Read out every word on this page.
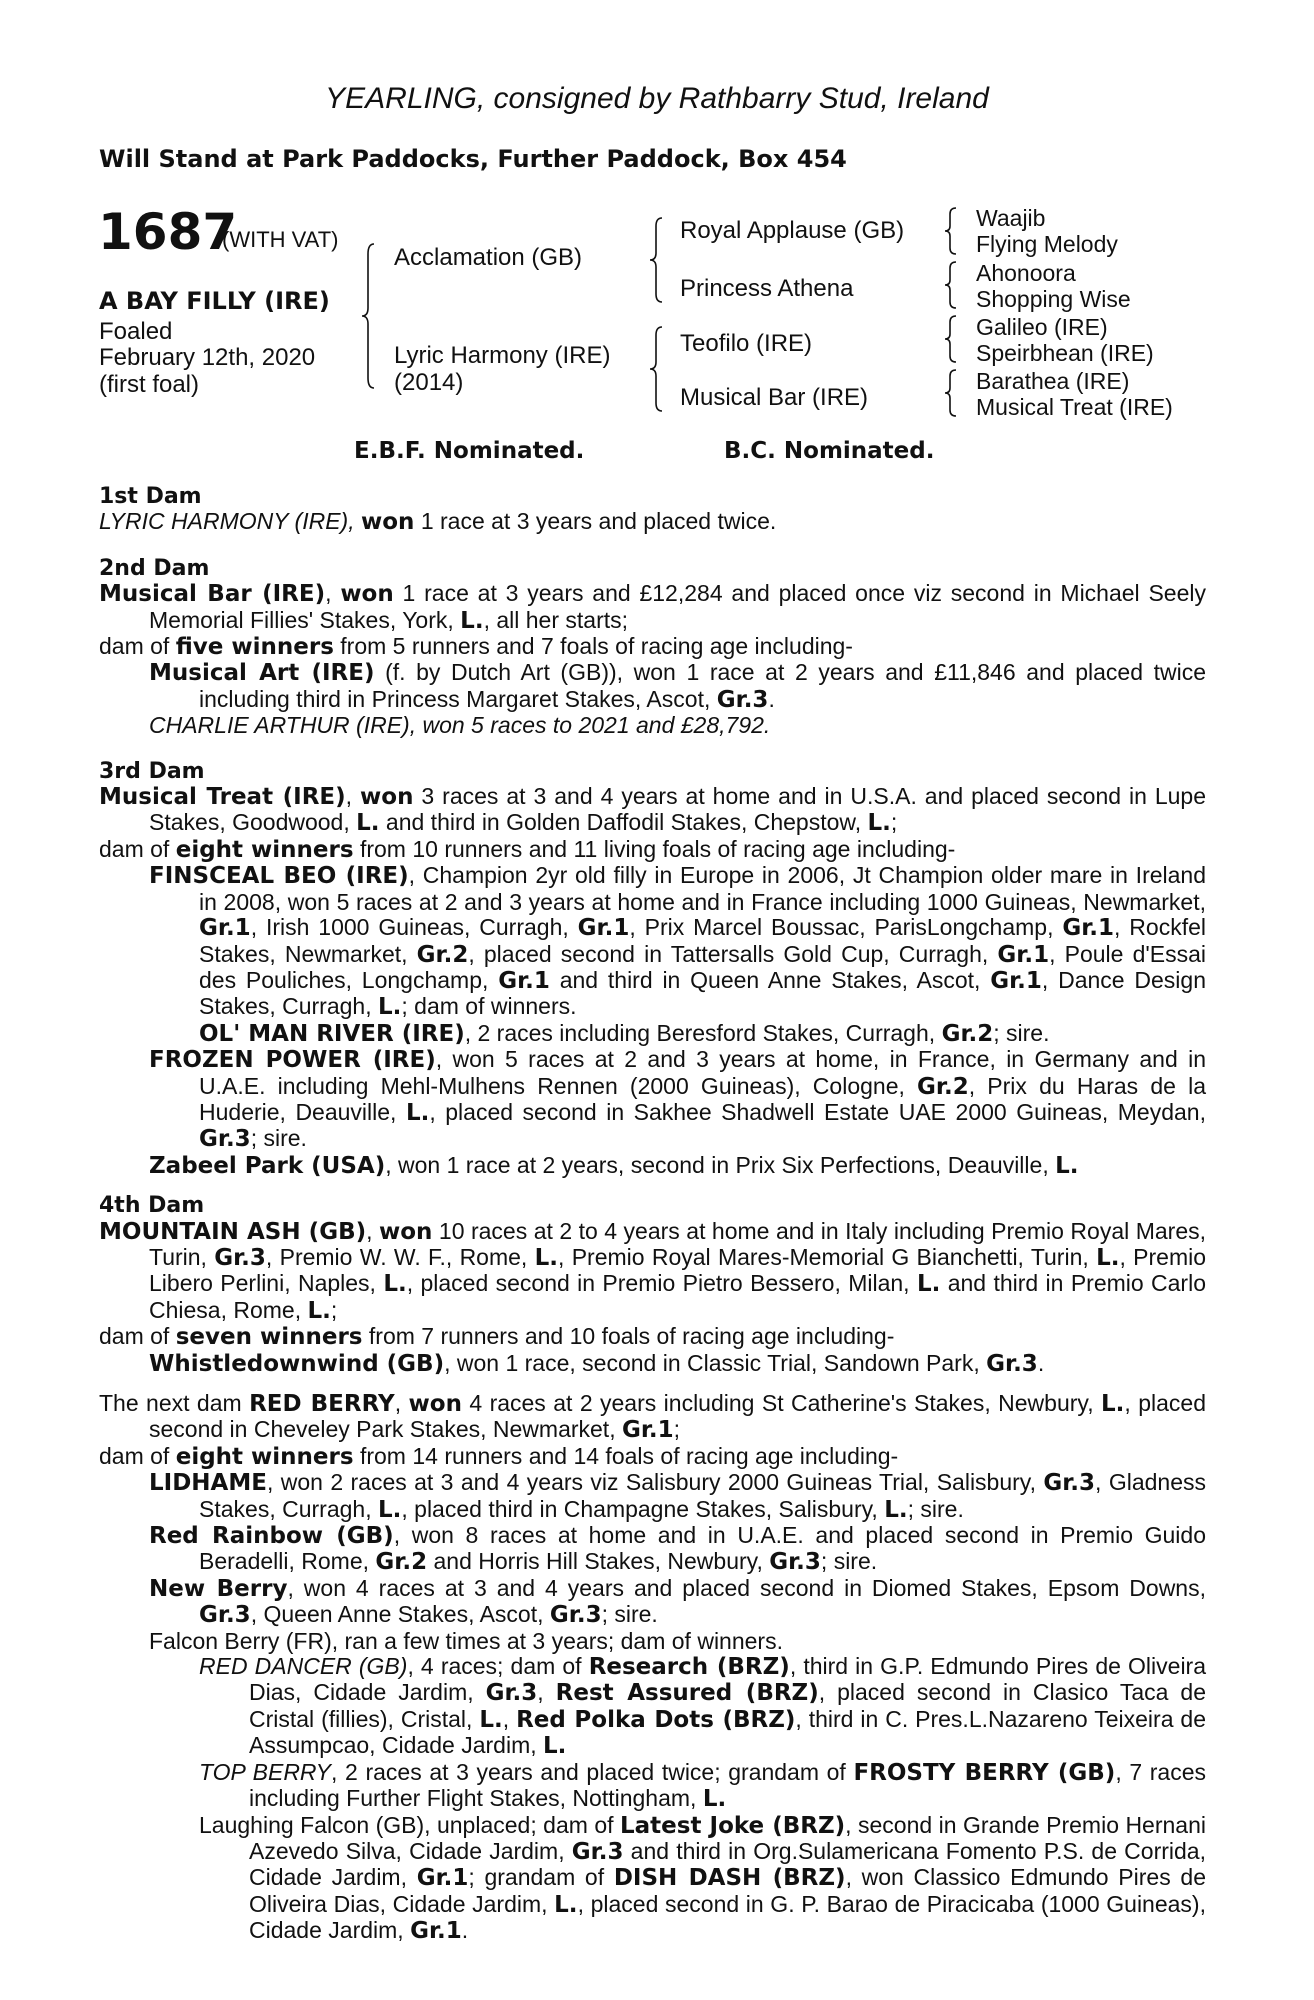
YEARLING, consigned by Rathbarry Stud, Ireland
Will Stand at Park Paddocks, Further Paddock, Box 454
1687
(WITH VAT)
A BAY FILLY (IRE)
Foaled
February 12th, 2020
(first foal)
Acclamation (GB)
Lyric Harmony (IRE)
(2014)
Royal Applause (GB)
Princess Athena
Teofilo (IRE)
Musical Bar (IRE)
Waajib
Flying Melody
Ahonoora
Shopping Wise
Galileo (IRE)
Speirbhean (IRE)
Barathea (IRE)
Musical Treat (IRE)
E.B.F. Nominated.	B.C. Nominated.
1st Dam
LYRIC HARMONY (IRE), won 1 race at 3 years and placed twice.
2nd Dam
Musical Bar (IRE), won 1 race at 3 years and £12,284 and placed once viz second in Michael Seely Memorial Fillies' Stakes, York, L., all her starts;
dam of five winners from 5 runners and 7 foals of racing age including-
Musical Art (IRE) (f. by Dutch Art (GB)), won 1 race at 2 years and £11,846 and placed twice including third in Princess Margaret Stakes, Ascot, Gr.3.
CHARLIE ARTHUR (IRE), won 5 races to 2021 and £28,792.
3rd Dam
Musical Treat (IRE), won 3 races at 3 and 4 years at home and in U.S.A. and placed second in Lupe Stakes, Goodwood, L. and third in Golden Daffodil Stakes, Chepstow, L.;
dam of eight winners from 10 runners and 11 living foals of racing age including-
FINSCEAL BEO (IRE), Champion 2yr old filly in Europe in 2006, Jt Champion older mare in Ireland in 2008, won 5 races at 2 and 3 years at home and in France including 1000 Guineas, Newmarket, Gr.1, Irish 1000 Guineas, Curragh, Gr.1, Prix Marcel Boussac, ParisLongchamp, Gr.1, Rockfel Stakes, Newmarket, Gr.2, placed second in Tattersalls Gold Cup, Curragh, Gr.1, Poule d'Essai des Pouliches, Longchamp, Gr.1 and third in Queen Anne Stakes, Ascot, Gr.1, Dance Design Stakes, Curragh, L.; dam of winners.
OL' MAN RIVER (IRE), 2 races including Beresford Stakes, Curragh, Gr.2; sire.
FROZEN POWER (IRE), won 5 races at 2 and 3 years at home, in France, in Germany and in U.A.E. including Mehl-Mulhens Rennen (2000 Guineas), Cologne, Gr.2, Prix du Haras de la Huderie, Deauville, L., placed second in Sakhee Shadwell Estate UAE 2000 Guineas, Meydan, Gr.3; sire.
Zabeel Park (USA), won 1 race at 2 years, second in Prix Six Perfections, Deauville, L.
4th Dam
MOUNTAIN ASH (GB), won 10 races at 2 to 4 years at home and in Italy including Premio Royal Mares, Turin, Gr.3, Premio W. W. F., Rome, L., Premio Royal Mares-Memorial G Bianchetti, Turin, L., Premio Libero Perlini, Naples, L., placed second in Premio Pietro Bessero, Milan, L. and third in Premio Carlo Chiesa, Rome, L.;
dam of seven winners from 7 runners and 10 foals of racing age including-
Whistledownwind (GB), won 1 race, second in Classic Trial, Sandown Park, Gr.3.
The next dam RED BERRY, won 4 races at 2 years including St Catherine's Stakes, Newbury, L., placed second in Cheveley Park Stakes, Newmarket, Gr.1;
dam of eight winners from 14 runners and 14 foals of racing age including-
LIDHAME, won 2 races at 3 and 4 years viz Salisbury 2000 Guineas Trial, Salisbury, Gr.3, Gladness Stakes, Curragh, L., placed third in Champagne Stakes, Salisbury, L.; sire.
Red Rainbow (GB), won 8 races at home and in U.A.E. and placed second in Premio Guido Beradelli, Rome, Gr.2 and Horris Hill Stakes, Newbury, Gr.3; sire.
New Berry, won 4 races at 3 and 4 years and placed second in Diomed Stakes, Epsom Downs, Gr.3, Queen Anne Stakes, Ascot, Gr.3; sire.
Falcon Berry (FR), ran a few times at 3 years; dam of winners.
RED DANCER (GB), 4 races; dam of Research (BRZ), third in G.P. Edmundo Pires de Oliveira Dias, Cidade Jardim, Gr.3, Rest Assured (BRZ), placed second in Clasico Taca de Cristal (fillies), Cristal, L., Red Polka Dots (BRZ), third in C. Pres.L.Nazareno Teixeira de Assumpcao, Cidade Jardim, L.
TOP BERRY, 2 races at 3 years and placed twice; grandam of FROSTY BERRY (GB), 7 races including Further Flight Stakes, Nottingham, L.
Laughing Falcon (GB), unplaced; dam of Latest Joke (BRZ), second in Grande Premio Hernani Azevedo Silva, Cidade Jardim, Gr.3 and third in Org.Sulamericana Fomento P.S. de Corrida, Cidade Jardim, Gr.1; grandam of DISH DASH (BRZ), won Classico Edmundo Pires de Oliveira Dias, Cidade Jardim, L., placed second in G. P. Barao de Piracicaba (1000 Guineas), Cidade Jardim, Gr.1.
